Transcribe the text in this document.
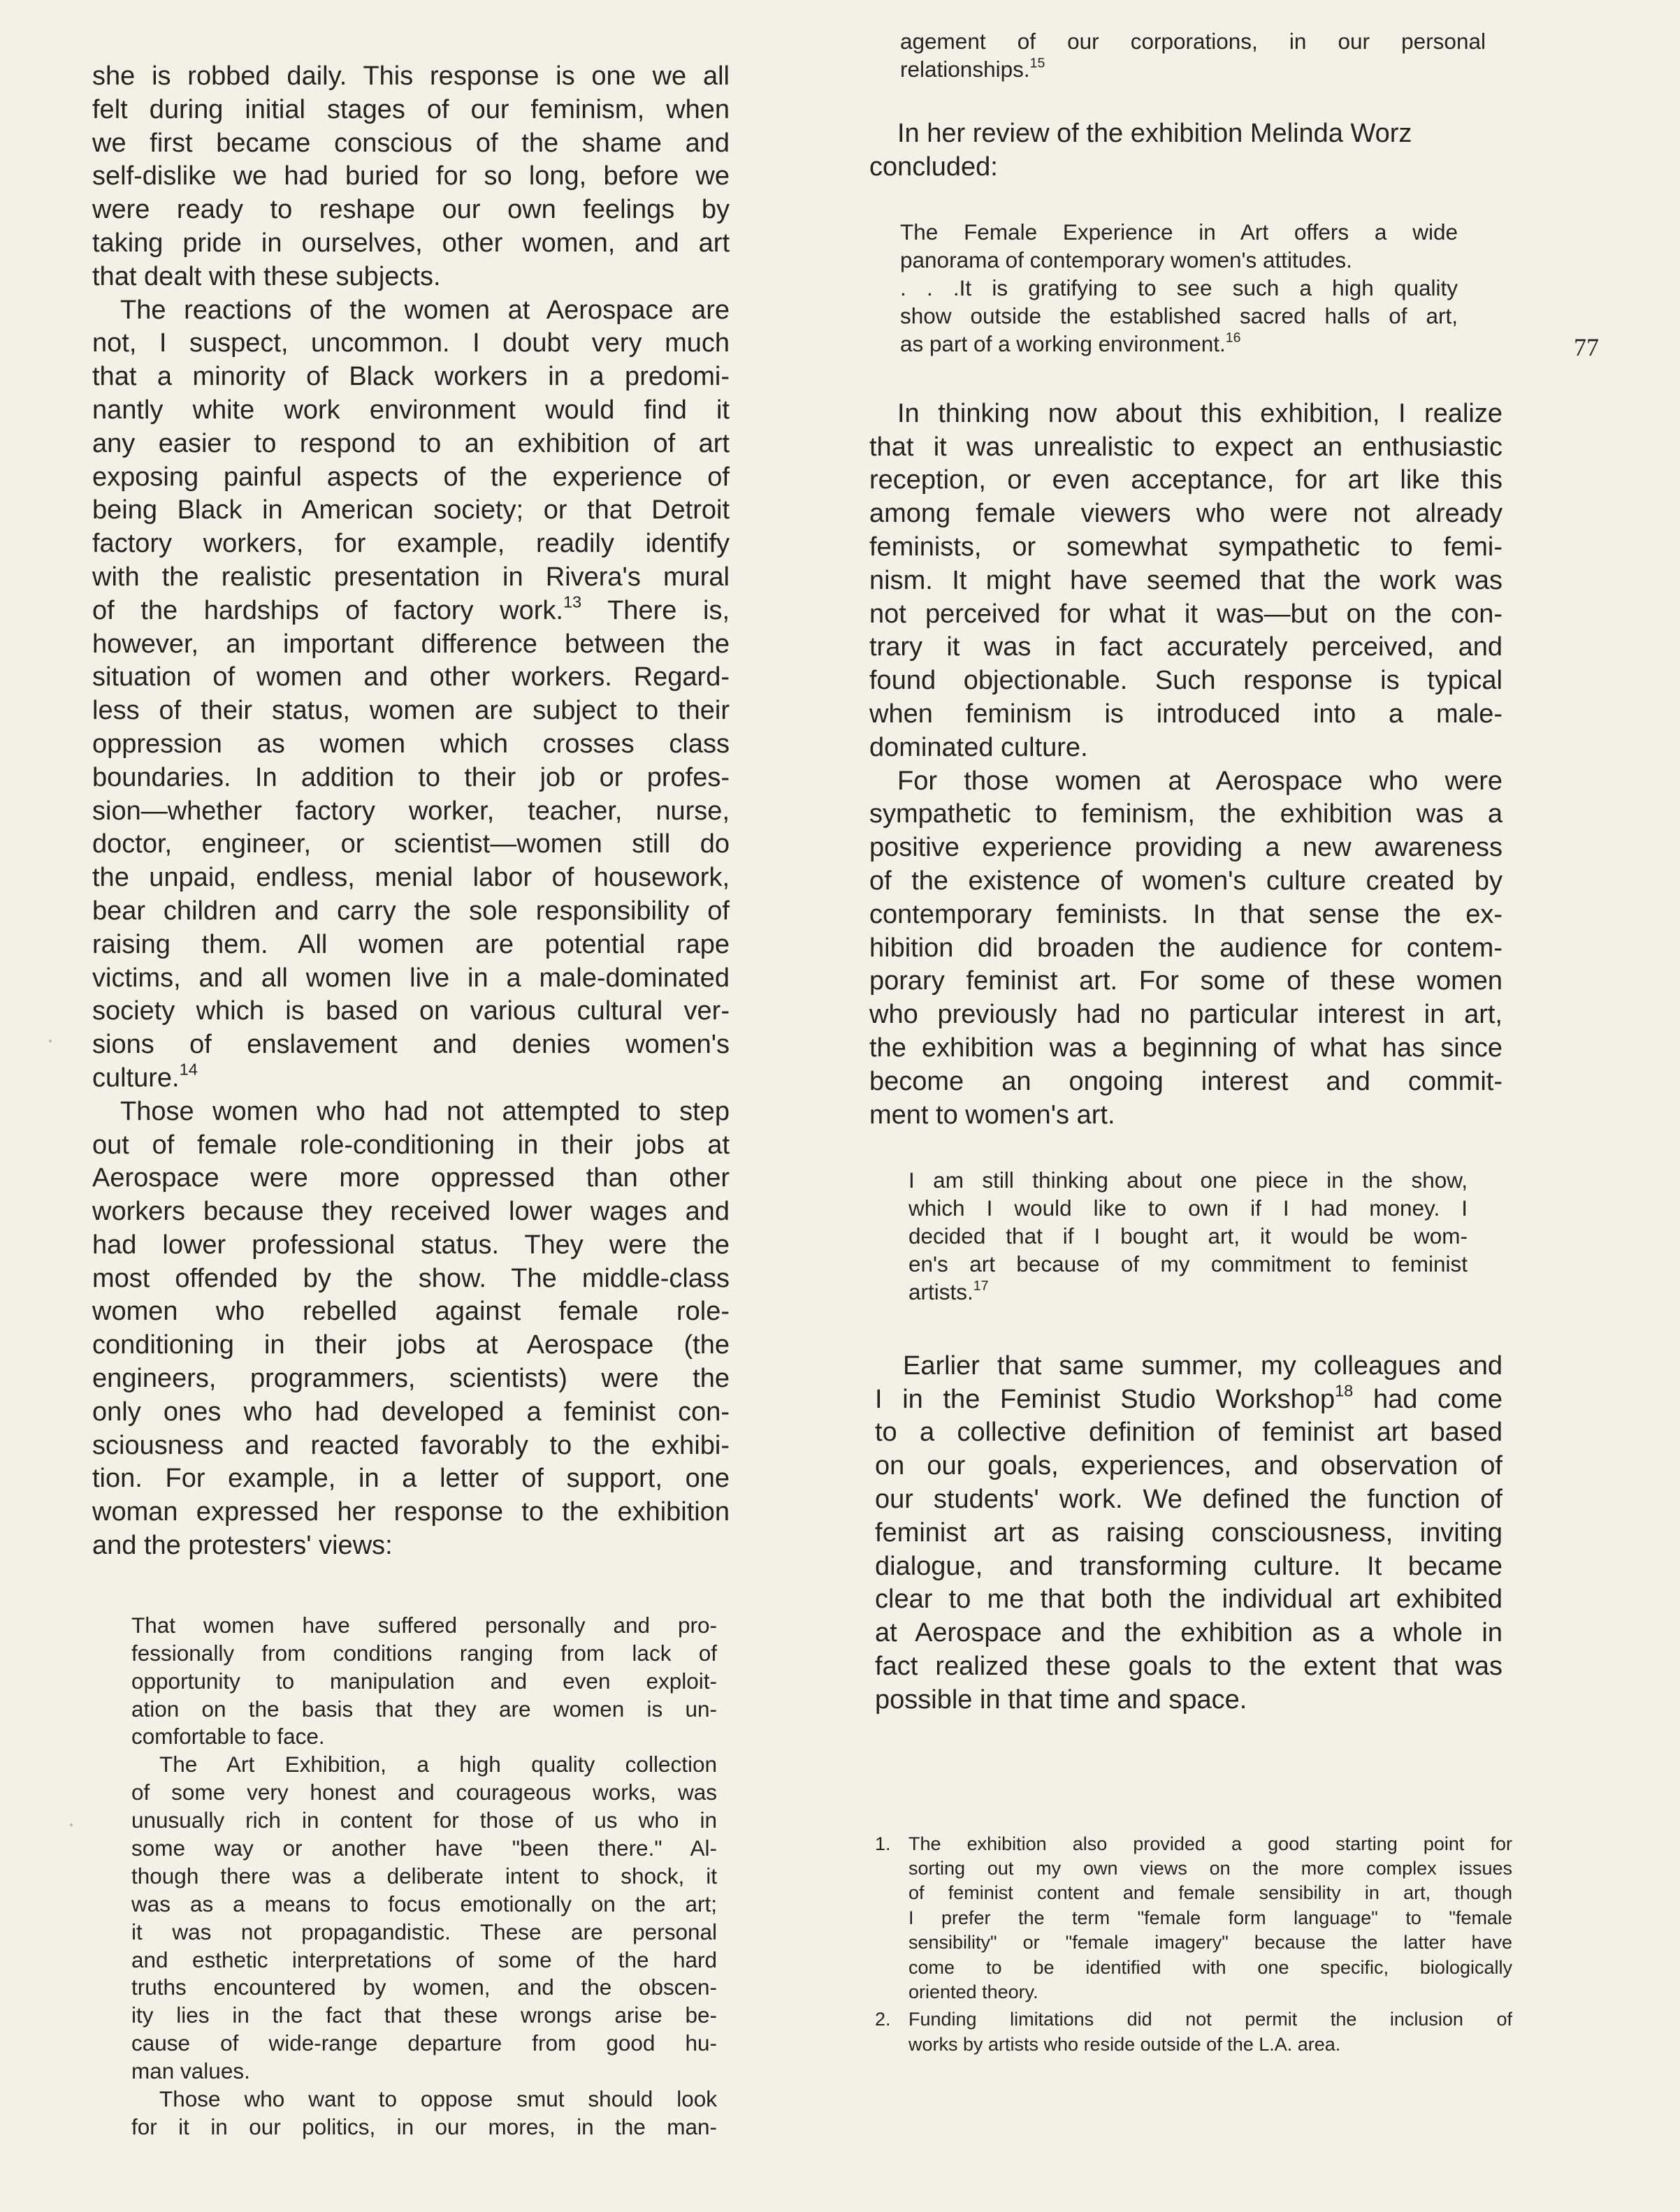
she is robbed daily. This response is one we all
felt during initial stages of our feminism, when
we first became conscious of the shame and
self-dislike we had buried for so long, before we
were ready to reshape our own feelings by
taking pride in ourselves, other women, and art
that dealt with these subjects.
The reactions of the women at Aerospace are
not, I suspect, uncommon. I doubt very much
that a minority of Black workers in a predomi-
nantly white work environment would find it
any easier to respond to an exhibition of art
exposing painful aspects of the experience of
being Black in American society; or that Detroit
factory workers, for example, readily identify
with the realistic presentation in Rivera's mural
of the hardships of factory work.$^{13}$ There is,
however, an important difference between the
situation of women and other workers. Regard-
less of their status, women are subject to their
oppression as women which crosses class
boundaries. In addition to their job or profes-
sion—whether factory worker, teacher, nurse,
doctor, engineer, or scientist—women still do
the unpaid, endless, menial labor of housework,
bear children and carry the sole responsibility of
raising them. All women are potential rape
victims, and all women live in a male-dominated
society which is based on various cultural ver-
sions of enslavement and denies women's
culture.$^{14}$
Those women who had not attempted to step
out of female role-conditioning in their jobs at
Aerospace were more oppressed than other
workers because they received lower wages and
had lower professional status. They were the
most offended by the show. The middle-class
women who rebelled against female role-
conditioning in their jobs at Aerospace (the
engineers, programmers, scientists) were the
only ones who had developed a feminist con-
sciousness and reacted favorably to the exhibi-
tion. For example, in a letter of support, one
woman expressed her response to the exhibition
and the protesters' views:
That women have suffered personally and pro-
fessionally from conditions ranging from lack of
opportunity to manipulation and even exploit-
ation on the basis that they are women is un-
comfortable to face.
The Art Exhibition, a high quality collection
of some very honest and courageous works, was
unusually rich in content for those of us who in
some way or another have "been there." Al-
though there was a deliberate intent to shock, it
was as a means to focus emotionally on the art;
it was not propagandistic. These are personal
and esthetic interpretations of some of the hard
truths encountered by women, and the obscen-
ity lies in the fact that these wrongs arise be-
cause of wide-range departure from good hu-
man values.
Those who want to oppose smut should look
for it in our politics, in our mores, in the man-
agement of our corporations, in our personal
relationships.$^{15}$
In her review of the exhibition Melinda Worz
concluded:
The Female Experience in Art offers a wide
panorama of contemporary women's attitudes.
. . .It is gratifying to see such a high quality
show outside the established sacred halls of art,
as part of a working environment.$^{16}$
In thinking now about this exhibition, I realize
that it was unrealistic to expect an enthusiastic
reception, or even acceptance, for art like this
among female viewers who were not already
feminists, or somewhat sympathetic to femi-
nism. It might have seemed that the work was
not perceived for what it was—but on the con-
trary it was in fact accurately perceived, and
found objectionable. Such response is typical
when feminism is introduced into a male-
dominated culture.
For those women at Aerospace who were
sympathetic to feminism, the exhibition was a
positive experience providing a new awareness
of the existence of women's culture created by
contemporary feminists. In that sense the ex-
hibition did broaden the audience for contem-
porary feminist art. For some of these women
who previously had no particular interest in art,
the exhibition was a beginning of what has since
become an ongoing interest and commit-
ment to women's art.
I am still thinking about one piece in the show,
which I would like to own if I had money. I
decided that if I bought art, it would be wom-
en's art because of my commitment to feminist
artists.$^{17}$
Earlier that same summer, my colleagues and
I in the Feminist Studio Workshop$^{18}$ had come
to a collective definition of feminist art based
on our goals, experiences, and observation of
our students' work. We defined the function of
feminist art as raising consciousness, inviting
dialogue, and transforming culture. It became
clear to me that both the individual art exhibited
at Aerospace and the exhibition as a whole in
fact realized these goals to the extent that was
possible in that time and space.
1. The exhibition also provided a good starting point for
sorting out my own views on the more complex issues
of feminist content and female sensibility in art, though
I prefer the term "female form language" to "female
sensibility" or "female imagery" because the latter have
come to be identified with one specific, biologically
oriented theory.
2. Funding limitations did not permit the inclusion of
works by artists who reside outside of the L.A. area.
77
